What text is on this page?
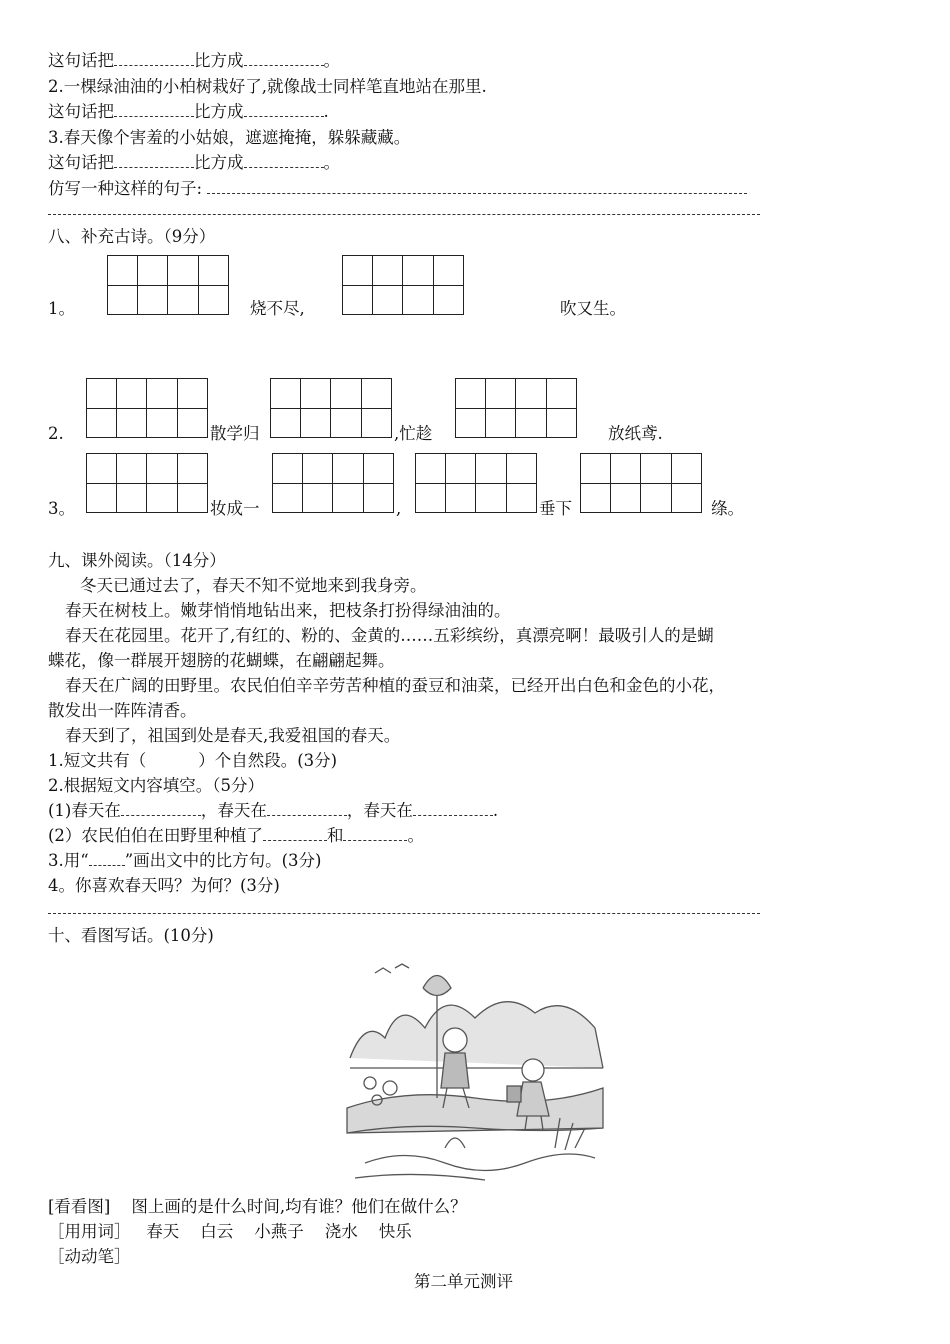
这句话把	比方成	。
2.一棵绿油油的小柏树栽好了,就像战士同样笔直地站在那里.
这句话把	比方成	.
3.春天像个害羞的小姑娘，遮遮掩掩，躲躲藏藏。
这句话把	比方成	。
仿写一种这样的句子:
八、补充古诗。（9分）
1。	烧不尽,	吹又生。
2.	散学归	,忙趁	放纸鸢.
3。	妆成一	,	垂下	绦。
九、课外阅读。（14分）
冬天已通过去了，春天不知不觉地来到我身旁。
春天在树枝上。嫩芽悄悄地钻出来，把枝条打扮得绿油油的。
春天在花园里。花开了,有红的、粉的、金黄的……五彩缤纷，真漂亮啊！最吸引人的是蝴
蝶花，像一群展开翅膀的花蝴蝶，在翩翩起舞。
春天在广阔的田野里。农民伯伯辛辛劳苦种植的蚕豆和油菜，已经开出白色和金色的小花，
散发出一阵阵清香。
春天到了，祖国到处是春天,我爱祖国的春天。
1.短文共有（	）个自然段。(3分)
2.根据短文内容填空。（5分）
(1)春天在	，春天在	，春天在	.
(2）农民伯伯在田野里种植了	和	。
3.用“ ”画出文中的比方句。(3分)
4。你喜欢春天吗？为何？(3分)
十、看图写话。(10分)
[看看图] 图上画的是什么时间,均有谁？他们在做什么？
［用用词］ 春天 白云 小燕子 浇水 快乐
［动动笔］
第二单元测评
